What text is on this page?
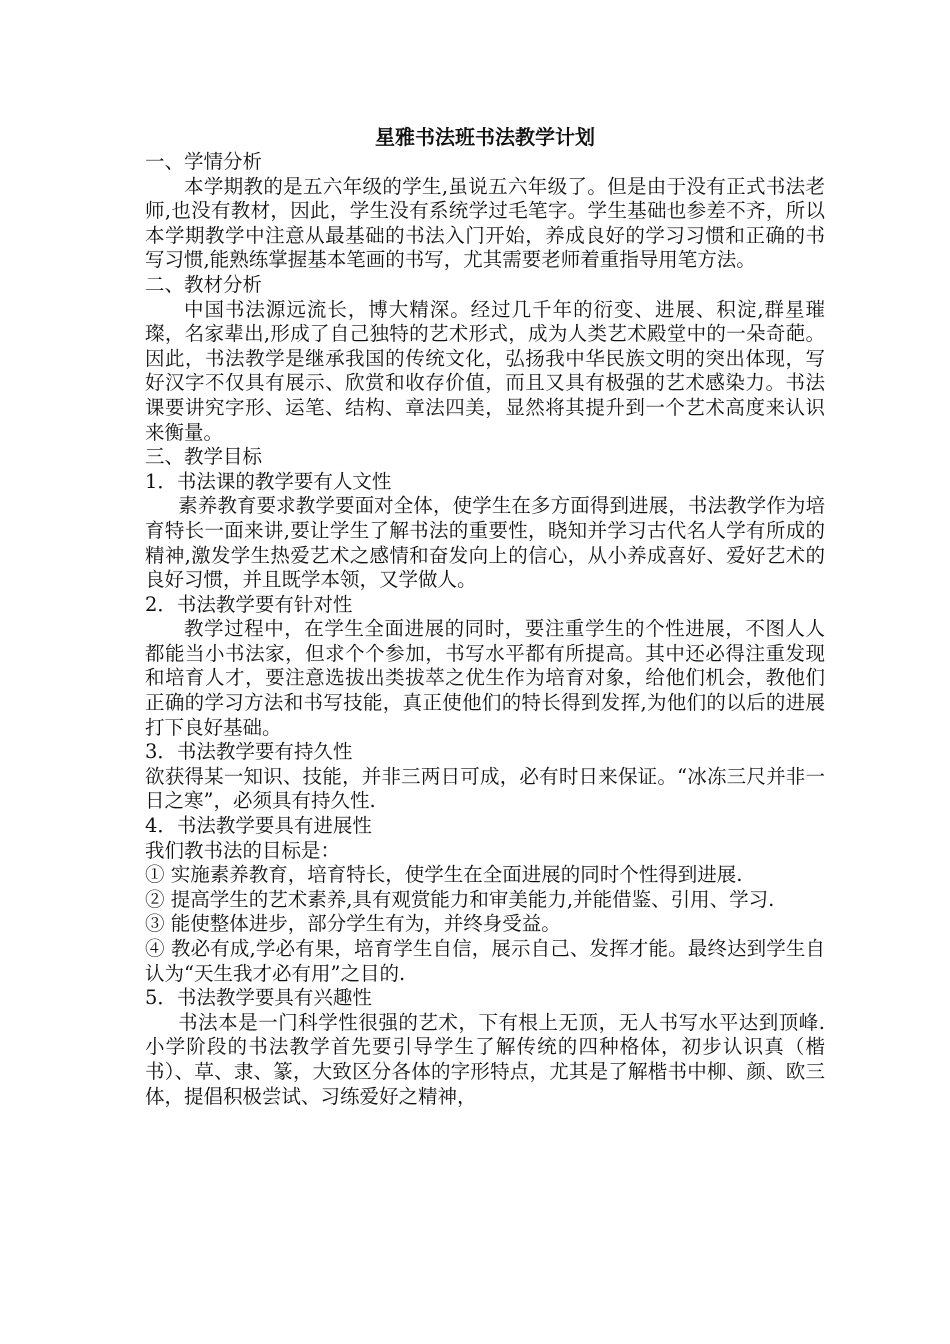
星雅书法班书法教学计划

一、学情分析

本学期教的是五六年级的学生,虽说五六年级了。但是由于没有正式书法老师,也没有教材，因此，学生没有系统学过毛笔字。学生基础也参差不齐，所以本学期教学中注意从最基础的书法入门开始，养成良好的学习习惯和正确的书写习惯,能熟练掌握基本笔画的书写，尤其需要老师着重指导用笔方法。

二、教材分析

中国书法源远流长，博大精深。经过几千年的衍变、进展、积淀,群星璀璨，名家辈出,形成了自己独特的艺术形式，成为人类艺术殿堂中的一朵奇葩。因此，书法教学是继承我国的传统文化，弘扬我中华民族文明的突出体现，写好汉字不仅具有展示、欣赏和收存价值，而且又具有极强的艺术感染力。书法课要讲究字形、运笔、结构、章法四美，显然将其提升到一个艺术高度来认识来衡量。

三、教学目标

1．书法课的教学要有人文性

素养教育要求教学要面对全体，使学生在多方面得到进展，书法教学作为培育特长一面来讲,要让学生了解书法的重要性，晓知并学习古代名人学有所成的精神,激发学生热爱艺术之感情和奋发向上的信心，从小养成喜好、爱好艺术的良好习惯，并且既学本领，又学做人。

2．书法教学要有针对性

教学过程中，在学生全面进展的同时，要注重学生的个性进展，不图人人都能当小书法家，但求个个参加，书写水平都有所提高。其中还必得注重发现和培育人才，要注意选拔出类拔萃之优生作为培育对象，给他们机会，教他们正确的学习方法和书写技能，真正使他们的特长得到发挥,为他们的以后的进展打下良好基础。

3．书法教学要有持久性

欲获得某一知识、技能，并非三两日可成，必有时日来保证。“冰冻三尺并非一日之寒”，必须具有持久性.

4．书法教学要具有进展性

我们教书法的目标是：

① 实施素养教育，培育特长，使学生在全面进展的同时个性得到进展.

② 提高学生的艺术素养,具有观赏能力和审美能力,并能借鉴、引用、学习.

③ 能使整体进步，部分学生有为，并终身受益。

④ 教必有成,学必有果，培育学生自信，展示自己、发挥才能。最终达到学生自认为“天生我才必有用”之目的.

5．书法教学要具有兴趣性

书法本是一门科学性很强的艺术，下有根上无顶，无人书写水平达到顶峰.小学阶段的书法教学首先要引导学生了解传统的四种格体，初步认识真（楷书）、草、隶、篆，大致区分各体的字形特点，尤其是了解楷书中柳、颜、欧三体，提倡积极尝试、习练爱好之精神，
